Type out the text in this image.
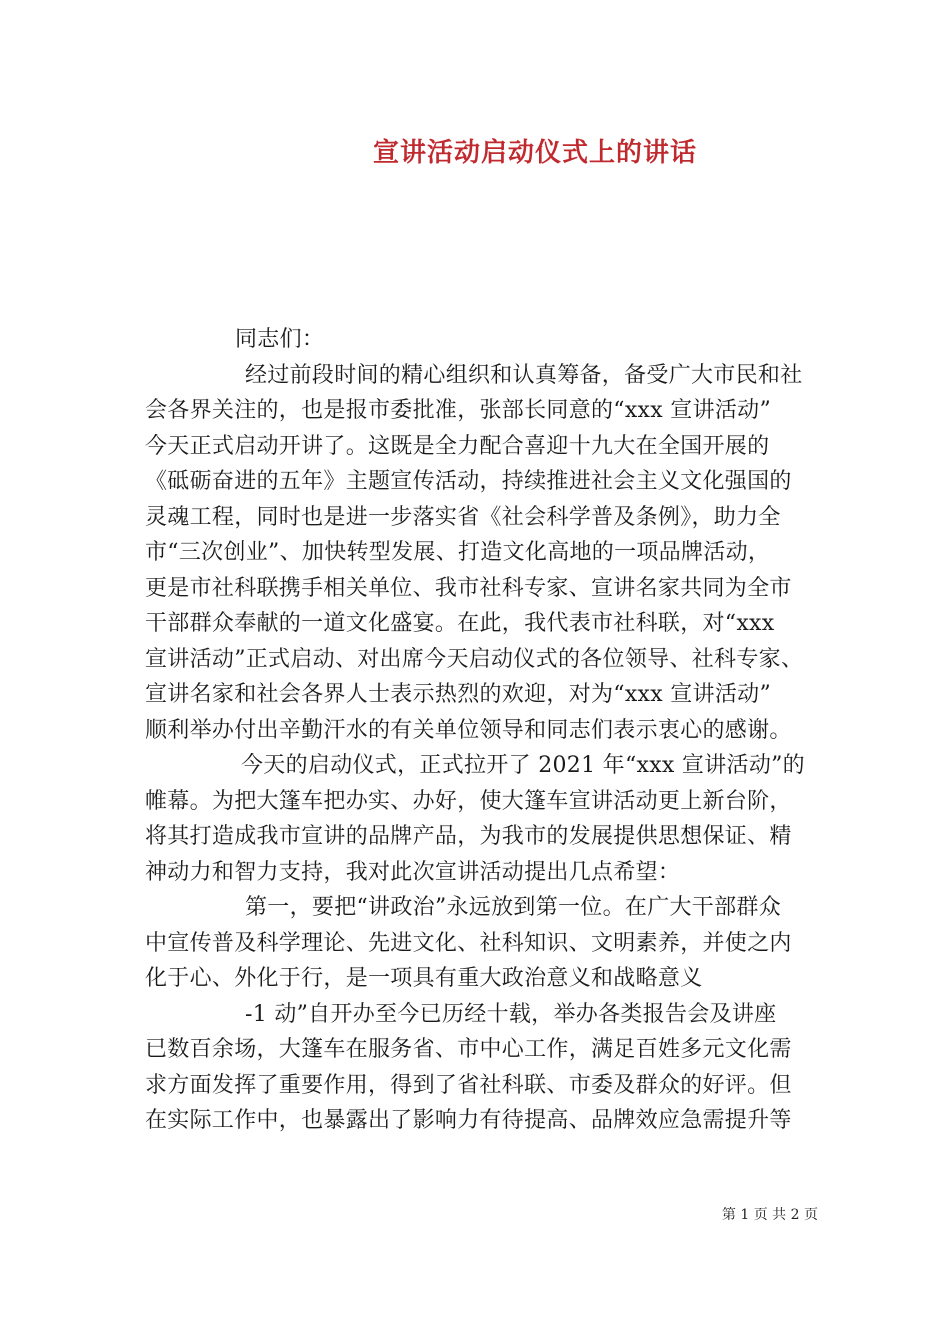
宣讲活动启动仪式上的讲话
同志们：
经过前段时间的精心组织和认真筹备，备受广大市民和社
会各界关注的，也是报市委批准，张部长同意的“xxx 宣讲活动”
今天正式启动开讲了。这既是全力配合喜迎十九大在全国开展的
《砥砺奋进的五年》主题宣传活动，持续推进社会主义文化强国的
灵魂工程，同时也是进一步落实省《社会科学普及条例》，助力全
市“三次创业”、加快转型发展、打造文化高地的一项品牌活动，
更是市社科联携手相关单位、我市社科专家、宣讲名家共同为全市
干部群众奉献的一道文化盛宴。在此，我代表市社科联，对“xxx
宣讲活动”正式启动、对出席今天启动仪式的各位领导、社科专家、
宣讲名家和社会各界人士表示热烈的欢迎，对为“xxx 宣讲活动”
顺利举办付出辛勤汗水的有关单位领导和同志们表示衷心的感谢。
今天的启动仪式，正式拉开了 2021 年“xxx 宣讲活动”的
帷幕。为把大篷车把办实、办好，使大篷车宣讲活动更上新台阶，
将其打造成我市宣讲的品牌产品，为我市的发展提供思想保证、精
神动力和智力支持，我对此次宣讲活动提出几点希望：
第一，要把“讲政治”永远放到第一位。在广大干部群众
中宣传普及科学理论、先进文化、社科知识、文明素养，并使之内
化于心、外化于行，是一项具有重大政治意义和战略意义
-1 动”自开办至今已历经十载，举办各类报告会及讲座
已数百余场，大篷车在服务省、市中心工作，满足百姓多元文化需
求方面发挥了重要作用，得到了省社科联、市委及群众的好评。但
在实际工作中，也暴露出了影响力有待提高、品牌效应急需提升等

第 1 页 共 2 页
